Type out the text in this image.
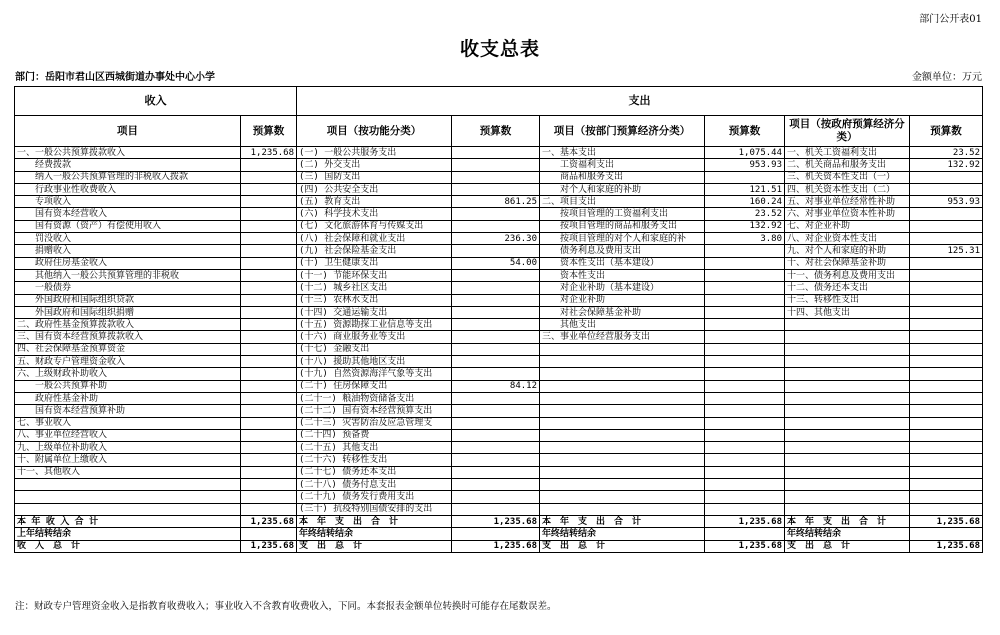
部门公开表01
收支总表
部门：岳阳市君山区西城街道办事处中心小学	金额单位：万元
收入		支出					
项目	预算数	项目（按功能分类）	预算数	项目（按部门预算经济分类）	预算数	项目（按政府预算经济分类）	预算数
一、一般公共预算拨款收入	1,235.68	(一) 一般公共服务支出		一、基本支出	1,075.44	一、机关工资福利支出	23.52
　　经费拨款		(二) 外交支出		　　工资福利支出	953.93	二、机关商品和服务支出	132.92
　　纳入一般公共预算管理的非税收入拨款		(三) 国防支出		　　商品和服务支出		三、机关资本性支出（一）	
　　行政事业性收费收入		(四) 公共安全支出		　　对个人和家庭的补助	121.51	四、机关资本性支出（二）	
　　专项收入		(五) 教育支出	861.25	二、项目支出	160.24	五、对事业单位经常性补助	953.93
　　国有资本经营收入		(六) 科学技术支出		　　按项目管理的工资福利支出	23.52	六、对事业单位资本性补助	
　　国有资源（资产）有偿使用收入		(七) 文化旅游体育与传媒支出		　　按项目管理的商品和服务支出	132.92	七、对企业补助	
　　罚没收入		(八) 社会保障和就业支出	236.30	　　按项目管理的对个人和家庭的补	3.80	八、对企业资本性支出	
　　捐赠收入		(九) 社会保险基金支出		　　债务利息及费用支出		九、对个人和家庭的补助	125.31
　　政府住房基金收入		(十) 卫生健康支出	54.00	　　资本性支出（基本建设）		十、对社会保障基金补助	
　　其他纳入一般公共预算管理的非税收		(十一) 节能环保支出		　　资本性支出		十一、债务利息及费用支出	
　　一般债券		(十二) 城乡社区支出		　　对企业补助（基本建设）		十二、债务还本支出	
　　外国政府和国际组织贷款		(十三) 农林水支出		　　对企业补助		十三、转移性支出	
　　外国政府和国际组织捐赠		(十四) 交通运输支出		　　对社会保障基金补助		十四、其他支出	
二、政府性基金预算拨款收入		(十五) 资源勘探工业信息等支出		　　其他支出			
三、国有资本经营预算拨款收入		(十六) 商业服务业等支出		三、事业单位经营服务支出			
四、社会保障基金预算资金		(十七) 金融支出					
五、财政专户管理资金收入		(十八) 援助其他地区支出					
六、上级财政补助收入		(十九) 自然资源海洋气象等支出					
　　一般公共预算补助		(二十) 住房保障支出	84.12				
　　政府性基金补助		(二十一) 粮油物资储备支出					
　　国有资本经营预算补助		(二十二) 国有资本经营预算支出					
七、事业收入		(二十三) 灾害防治及应急管理支					
八、事业单位经营收入		(二十四) 预备费					
九、上级单位补助收入		(二十五) 其他支出					
十、附属单位上缴收入		(二十六) 转移性支出					
十一、其他收入		(二十七) 债务还本支出					
		(二十八) 债务付息支出					
		(二十九) 债务发行费用支出					
		(三十) 抗疫特别国债安排的支出					
本 年 收 入 合 计	1,235.68	本　年　支　出　合　计	1,235.68	本　年　支　出　合　计	1,235.68	本　年　支　出　合　计	1,235.68
上年结转结余		年终结转结余		年终结转结余		年终结转结余	
收　入　总　计	1,235.68	支　出　总　计	1,235.68	支　出　总　计	1,235.68	支　出　总　计	1,235.68
注：财政专户管理资金收入是指教育收费收入；事业收入不含教育收费收入，下同。本套报表金额单位转换时可能存在尾数误差。
